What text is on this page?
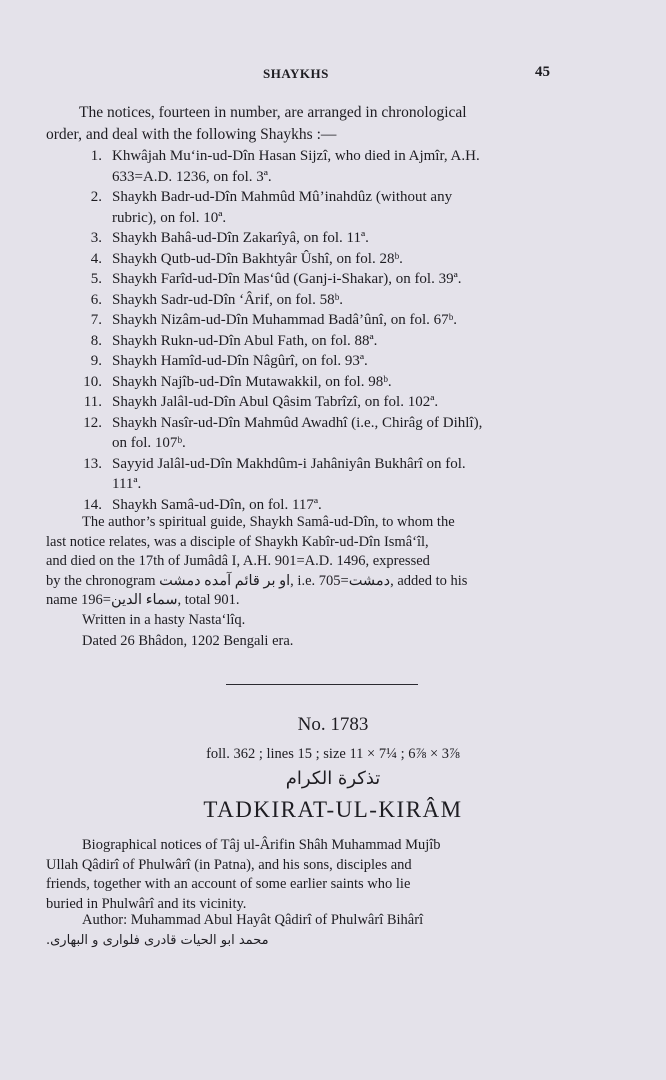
SHAYKHS	45
The notices, fourteen in number, are arranged in chronological
order, and deal with the following Shaykhs :—
1. Khwâjah Mu‘in-ud-Dîn Hasan Sijzî, who died in Ajmîr, A.H.
633=A.D. 1236, on fol. 3ª.
2. Shaykh Badr-ud-Dîn Mahmûd Mû’inahdûz (without any
rubric), on fol. 10ª.
3. Shaykh Bahâ-ud-Dîn Zakarîyâ, on fol. 11ª.
4. Shaykh Qutb-ud-Dîn Bakhtyâr Ûshî, on fol. 28ᵇ.
5. Shaykh Farîd-ud-Dîn Mas‘ûd (Ganj-i-Shakar), on fol. 39ª.
6. Shaykh Sadr-ud-Dîn ‘Ârif, on fol. 58ᵇ.
7. Shaykh Nizâm-ud-Dîn Muhammad Badâ’ûnî, on fol. 67ᵇ.
8. Shaykh Rukn-ud-Dîn Abul Fath, on fol. 88ª.
9. Shaykh Hamîd-ud-Dîn Nâgûrî, on fol. 93ª.
10. Shaykh Najîb-ud-Dîn Mutawakkil, on fol. 98ᵇ.
11. Shaykh Jalâl-ud-Dîn Abul Qâsim Tabrîzî, on fol. 102ª.
12. Shaykh Nasîr-ud-Dîn Mahmûd Awadhî (i.e., Chirâg of Dihlî),
on fol. 107ᵇ.
13. Sayyid Jalâl-ud-Dîn Makhdûm-i Jahâniyân Bukhârî on fol.
111ª.
14. Shaykh Samâ-ud-Dîn, on fol. 117ª.
The author’s spiritual guide, Shaykh Samâ-ud-Dîn, to whom the
last notice relates, was a disciple of Shaykh Kabîr-ud-Dîn Ismâ‘îl,
and died on the 17th of Jumâdâ I, A.H. 901=A.D. 1496, expressed
by the chronogram او بر قائم آمده دمشت, i.e. دمشت=705, added to his
name سماء الدین=196, total 901.
Written in a hasty Nasta‘lîq.
Dated 26 Bhâdon, 1202 Bengali era.
No. 1783
foll. 362 ; lines 15 ; size 11 × 7¼ ; 6⅞ × 3⅞
تذكرة الكرام
TADKIRAT-UL-KIRÂM
Biographical notices of Tâj ul-Ârifin Shâh Muhammad Mujîb
Ullah Qâdirî of Phulwârî (in Patna), and his sons, disciples and
friends, together with an account of some earlier saints who lie
buried in Phulwârî and its vicinity.
Author: Muhammad Abul Hayât Qâdirî of Phulwârî Bihârî
محمد ابو الحیات قادری فلواری و البهاری.
